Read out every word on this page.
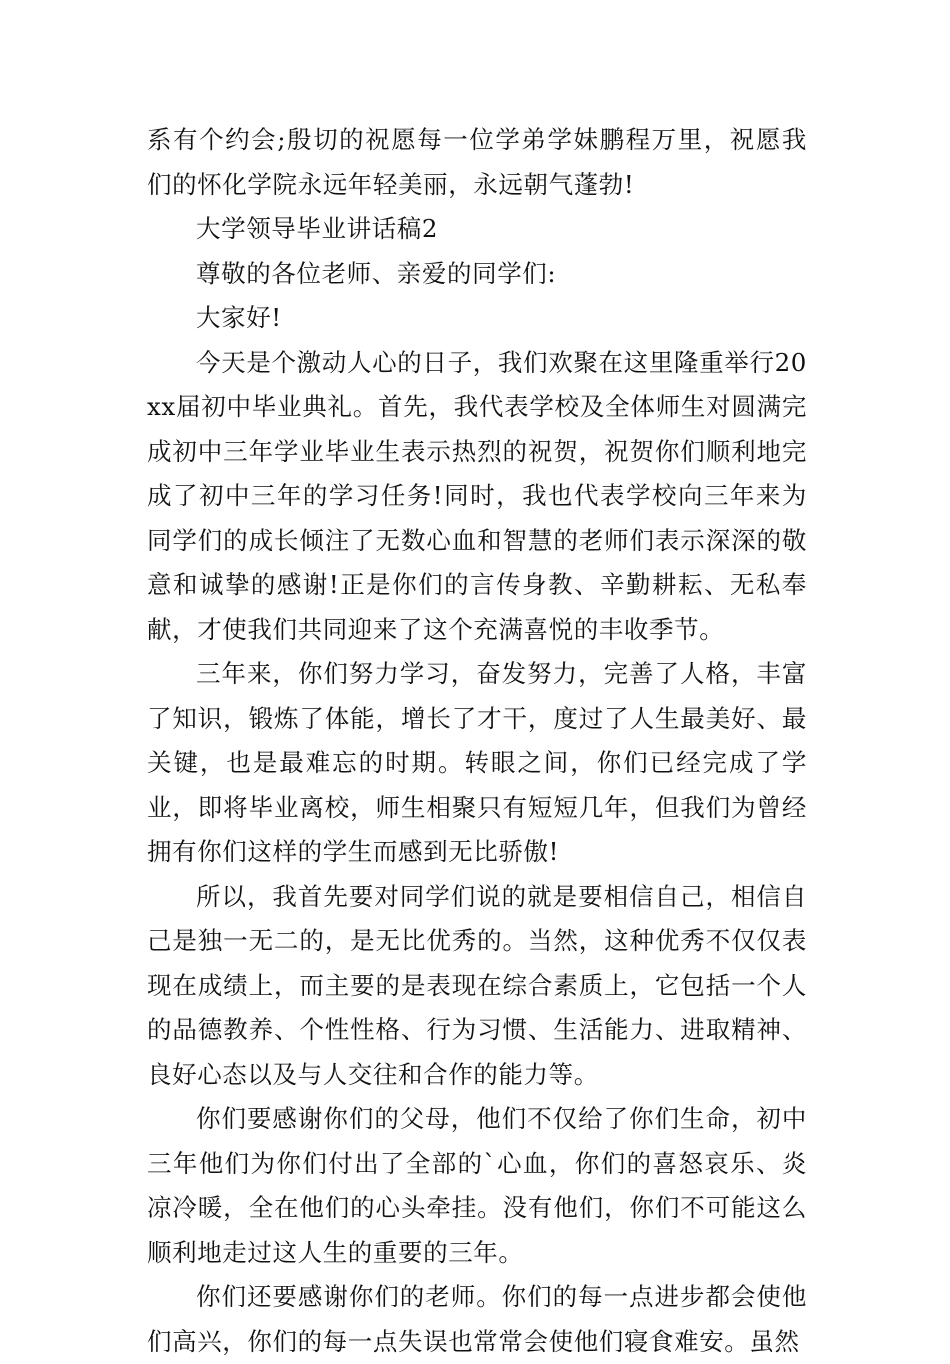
系有个约会;殷切的祝愿每一位学弟学妹鹏程万里，祝愿我们的怀化学院永远年轻美丽，永远朝气蓬勃!

大学领导毕业讲话稿2

尊敬的各位老师、亲爱的同学们:

大家好!

今天是个激动人心的日子，我们欢聚在这里隆重举行20xx届初中毕业典礼。首先，我代表学校及全体师生对圆满完成初中三年学业毕业生表示热烈的祝贺，祝贺你们顺利地完成了初中三年的学习任务!同时，我也代表学校向三年来为同学们的成长倾注了无数心血和智慧的老师们表示深深的敬意和诚挚的感谢!正是你们的言传身教、辛勤耕耘、无私奉献，才使我们共同迎来了这个充满喜悦的丰收季节。

三年来，你们努力学习，奋发努力，完善了人格，丰富了知识，锻炼了体能，增长了才干，度过了人生最美好、最关键，也是最难忘的时期。转眼之间，你们已经完成了学业，即将毕业离校，师生相聚只有短短几年，但我们为曾经拥有你们这样的学生而感到无比骄傲!

所以，我首先要对同学们说的就是要相信自己，相信自己是独一无二的，是无比优秀的。当然，这种优秀不仅仅表现在成绩上，而主要的是表现在综合素质上，它包括一个人的品德教养、个性性格、行为习惯、生活能力、进取精神、良好心态以及与人交往和合作的能力等。

你们要感谢你们的父母，他们不仅给了你们生命，初中三年他们为你们付出了全部的`心血，你们的喜怒哀乐、炎凉冷暖，全在他们的心头牵挂。没有他们，你们不可能这么顺利地走过这人生的重要的三年。

你们还要感谢你们的老师。你们的每一点进步都会使他们高兴，你们的每一点失误也常常会使他们寝食难安。虽然
